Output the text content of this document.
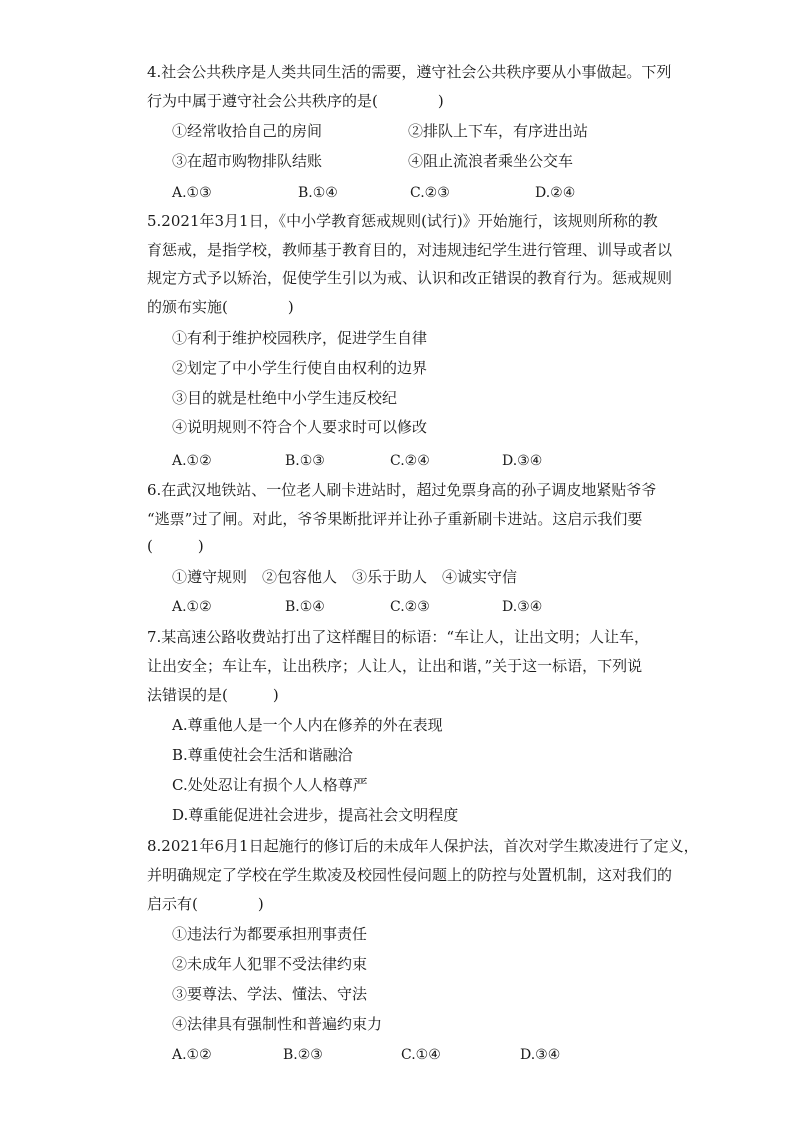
4.社会公共秩序是人类共同生活的需要，遵守社会公共秩序要从小事做起。下列
行为中属于遵守社会公共秩序的是(　　　　)
①经常收拾自己的房间	②排队上下车，有序进出站
③在超市购物排队结账	④阻止流浪者乘坐公交车
A.①③	B.①④	C.②③	D.②④
5.2021年3月1日，《中小学教育惩戒规则(试行)》开始施行，该规则所称的教
育惩戒，是指学校，教师基于教育目的，对违规违纪学生进行管理、训导或者以
规定方式予以矫治，促使学生引以为戒、认识和改正错误的教育行为。惩戒规则
的颁布实施(　　　　)
①有利于维护校园秩序，促进学生自律
②划定了中小学生行使自由权利的边界
③目的就是杜绝中小学生违反校纪
④说明规则不符合个人要求时可以修改
A.①②	B.①③	C.②④	D.③④
6.在武汉地铁站、一位老人刷卡进站时，超过免票身高的孙子调皮地紧贴爷爷
“逃票”过了闸。对此，爷爷果断批评并让孙子重新刷卡进站。这启示我们要
(　　　)
①遵守规则　②包容他人　③乐于助人　④诚实守信
A.①②	B.①④	C.②③	D.③④
7.某高速公路收费站打出了这样醒目的标语：“车让人，让出文明；人让车，
让出安全；车让车，让出秩序；人让人，让出和谐，”关于这一标语，下列说
法错误的是(　　　)
A.尊重他人是一个人内在修养的外在表现
B.尊重使社会生活和谐融洽
C.处处忍让有损个人人格尊严
D.尊重能促进社会进步，提高社会文明程度
8.2021年6月1日起施行的修订后的未成年人保护法，首次对学生欺凌进行了定义，
并明确规定了学校在学生欺凌及校园性侵问题上的防控与处置机制，这对我们的
启示有(　　　　)
①违法行为都要承担刑事责任
②未成年人犯罪不受法律约束
③要尊法、学法、懂法、守法
④法律具有强制性和普遍约束力
A.①②	B.②③	C.①④	D.③④
